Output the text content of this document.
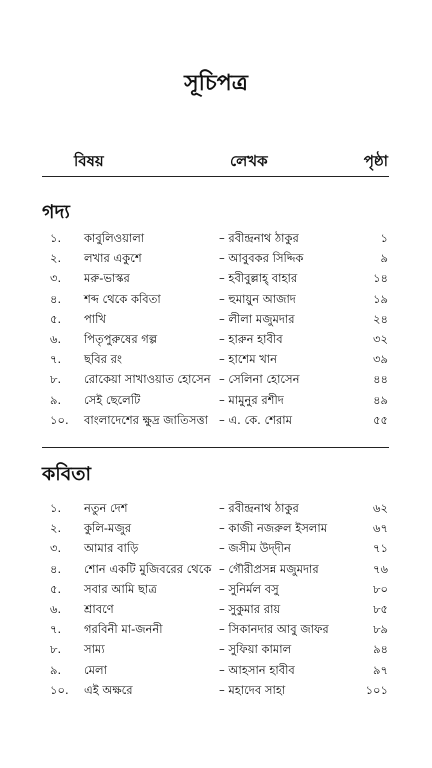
সূচিপত্র
বিষয়	লেখক	পৃষ্ঠা
গদ্য
১. কাবুলিওয়ালা	– রবীন্দ্রনাথ ঠাকুর	১
২. লখার একুশে	– আবুবকর সিদ্দিক	৯
৩. মরু-ভাস্কর	– হবীবুল্লাহ্ বাহার	১৪
৪. শব্দ থেকে কবিতা	– হুমায়ুন আজাদ	১৯
৫. পাখি	– লীলা মজুমদার	২৪
৬. পিতৃপুরুষের গল্প	– হারুন হাবীব	৩২
৭. ছবির রং	– হাশেম খান	৩৯
৮. রোকেয়া সাখাওয়াত হোসেন – সেলিনা হোসেন	৪৪
৯. সেই ছেলেটি	– মামুনুর রশীদ	৪৯
১০. বাংলাদেশের ক্ষুদ্র জাতিসত্তা – এ. কে. শেরাম	৫৫
কবিতা
১. নতুন দেশ	– রবীন্দ্রনাথ ঠাকুর	৬২
২. কুলি-মজুর	– কাজী নজরুল ইসলাম	৬৭
৩. আমার বাড়ি	– জসীম উদ্‌দীন	৭১
৪. শোন একটি মুজিবরের থেকে – গৌরীপ্রসন্ন মজুমদার	৭৬
৫. সবার আমি ছাত্র	– সুনির্মল বসু	৮০
৬. শ্রাবণে	– সুকুমার রায়	৮৫
৭. গরবিনী মা-জননী	– সিকানদার আবু জাফর	৮৯
৮. সাম্য	– সুফিয়া কামাল	৯৪
৯. মেলা	– আহসান হাবীব	৯৭
১০. এই অক্ষরে	– মহাদেব সাহা	১০১
